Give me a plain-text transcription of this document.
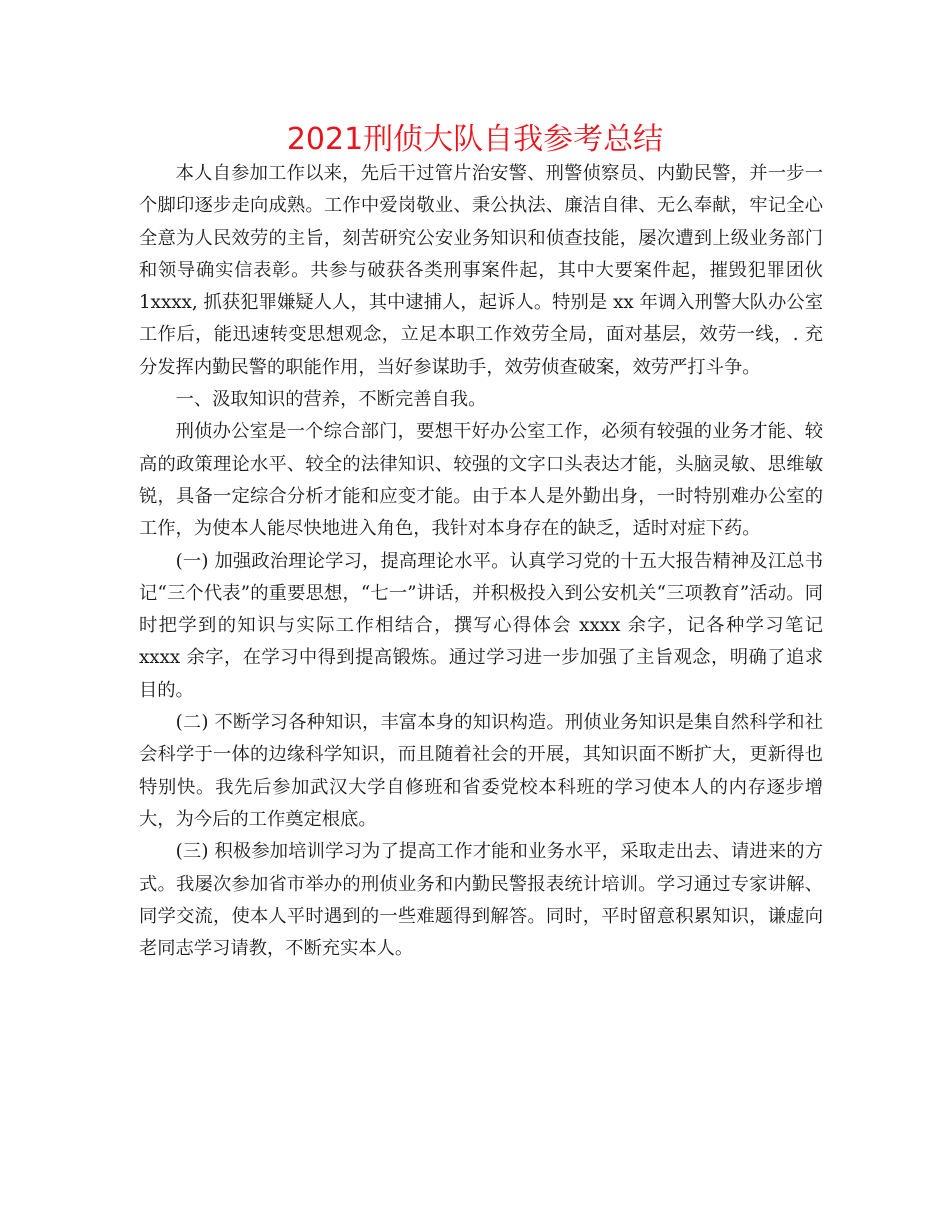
2021刑侦大队自我参考总结

本人自参加工作以来，先后干过管片治安警、刑警侦察员、内勤民警，并一步一个脚印逐步走向成熟。工作中爱岗敬业、秉公执法、廉洁自律、无么奉献，牢记全心全意为人民效劳的主旨，刻苦研究公安业务知识和侦查技能，屡次遭到上级业务部门和领导确实信表彰。共参与破获各类刑事案件起，其中大要案件起，摧毁犯罪团伙 1xxxx, 抓获犯罪嫌疑人人，其中逮捕人，起诉人。特别是 xx 年调入刑警大队办公室工作后，能迅速转变思想观念，立足本职工作效劳全局，面对基层，效劳一线，. 充分发挥内勤民警的职能作用，当好参谋助手，效劳侦查破案，效劳严打斗争。

一、汲取知识的营养，不断完善自我。

刑侦办公室是一个综合部门，要想干好办公室工作，必须有较强的业务才能、较高的政策理论水平、较全的法律知识、较强的文字口头表达才能，头脑灵敏、思维敏锐，具备一定综合分析才能和应变才能。由于本人是外勤出身，一时特别难办公室的工作，为使本人能尽快地进入角色，我针对本身存在的缺乏，适时对症下药。

(一) 加强政治理论学习，提高理论水平。认真学习党的十五大报告精神及江总书记“三个代表”的重要思想，“七一”讲话，并积极投入到公安机关“三项教育”活动。同时把学到的知识与实际工作相结合，撰写心得体会 xxxx 余字，记各种学习笔记 xxxx 余字，在学习中得到提高锻炼。通过学习进一步加强了主旨观念，明确了追求目的。

(二) 不断学习各种知识，丰富本身的知识构造。刑侦业务知识是集自然科学和社会科学于一体的边缘科学知识，而且随着社会的开展，其知识面不断扩大，更新得也特别快。我先后参加武汉大学自修班和省委党校本科班的学习使本人的内存逐步增大，为今后的工作奠定根底。

(三) 积极参加培训学习为了提高工作才能和业务水平，采取走出去、请进来的方式。我屡次参加省市举办的刑侦业务和内勤民警报表统计培训。学习通过专家讲解、同学交流，使本人平时遇到的一些难题得到解答。同时，平时留意积累知识，谦虚向老同志学习请教，不断充实本人。
